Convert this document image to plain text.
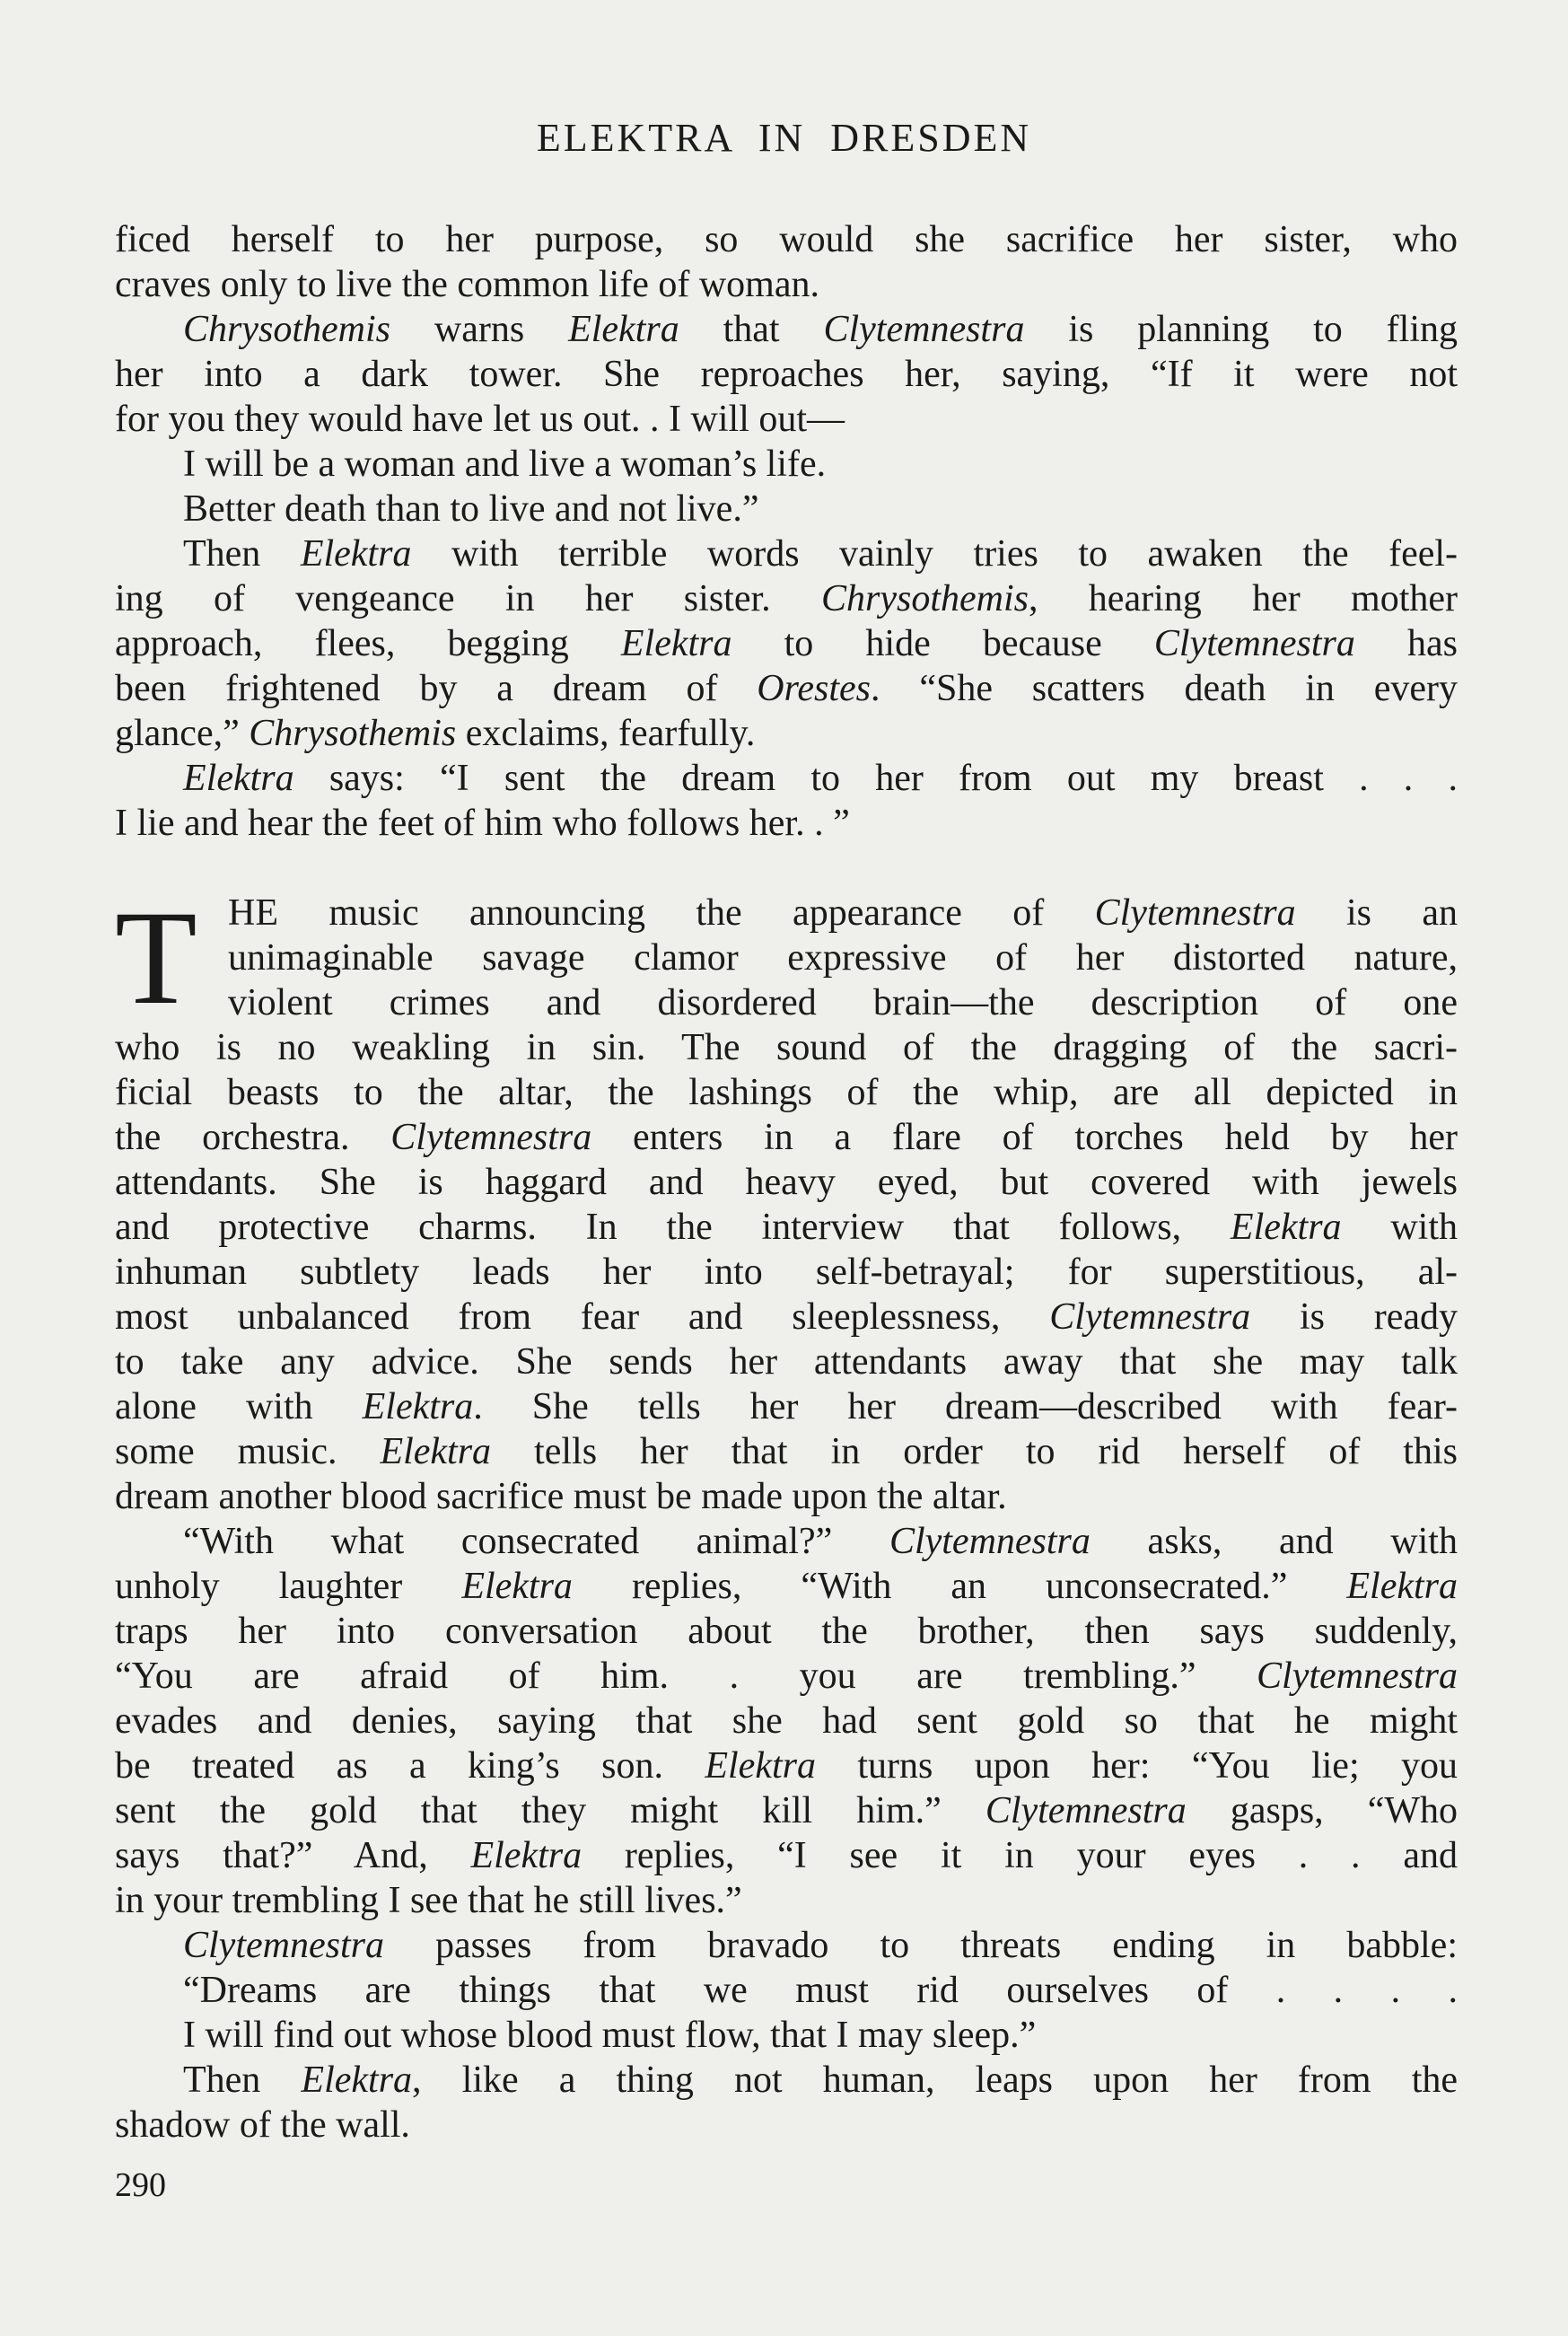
ELEKTRA IN DRESDEN
ficed herself to her purpose, so would she sacrifice her sister, who
craves only to live the common life of woman.
Chrysothemis warns Elektra that Clytemnestra is planning to fling
her into a dark tower. She reproaches her, saying, “If it were not
for you they would have let us out. . I will out—
I will be a woman and live a woman’s life.
Better death than to live and not live.”
Then Elektra with terrible words vainly tries to awaken the feel-
ing of vengeance in her sister. Chrysothemis, hearing her mother
approach, flees, begging Elektra to hide because Clytemnestra has
been frightened by a dream of Orestes. “She scatters death in every
glance,” Chrysothemis exclaims, fearfully.
Elektra says: “I sent the dream to her from out my breast . . .
I lie and hear the feet of him who follows her. . ”
T HE music announcing the appearance of Clytemnestra is an
unimaginable savage clamor expressive of her distorted nature,
violent crimes and disordered brain—the description of one
who is no weakling in sin. The sound of the dragging of the sacri-
ficial beasts to the altar, the lashings of the whip, are all depicted in
the orchestra. Clytemnestra enters in a flare of torches held by her
attendants. She is haggard and heavy eyed, but covered with jewels
and protective charms. In the interview that follows, Elektra with
inhuman subtlety leads her into self-betrayal; for superstitious, al-
most unbalanced from fear and sleeplessness, Clytemnestra is ready
to take any advice. She sends her attendants away that she may talk
alone with Elektra. She tells her her dream—described with fear-
some music. Elektra tells her that in order to rid herself of this
dream another blood sacrifice must be made upon the altar.
“With what consecrated animal?” Clytemnestra asks, and with
unholy laughter Elektra replies, “With an unconsecrated.” Elektra
traps her into conversation about the brother, then says suddenly,
“You are afraid of him. . you are trembling.” Clytemnestra
evades and denies, saying that she had sent gold so that he might
be treated as a king’s son. Elektra turns upon her: “You lie; you
sent the gold that they might kill him.” Clytemnestra gasps, “Who
says that?” And, Elektra replies, “I see it in your eyes . . and
in your trembling I see that he still lives.”
Clytemnestra passes from bravado to threats ending in babble:
“Dreams are things that we must rid ourselves of . . . .
I will find out whose blood must flow, that I may sleep.”
Then Elektra, like a thing not human, leaps upon her from the
shadow of the wall.
290
